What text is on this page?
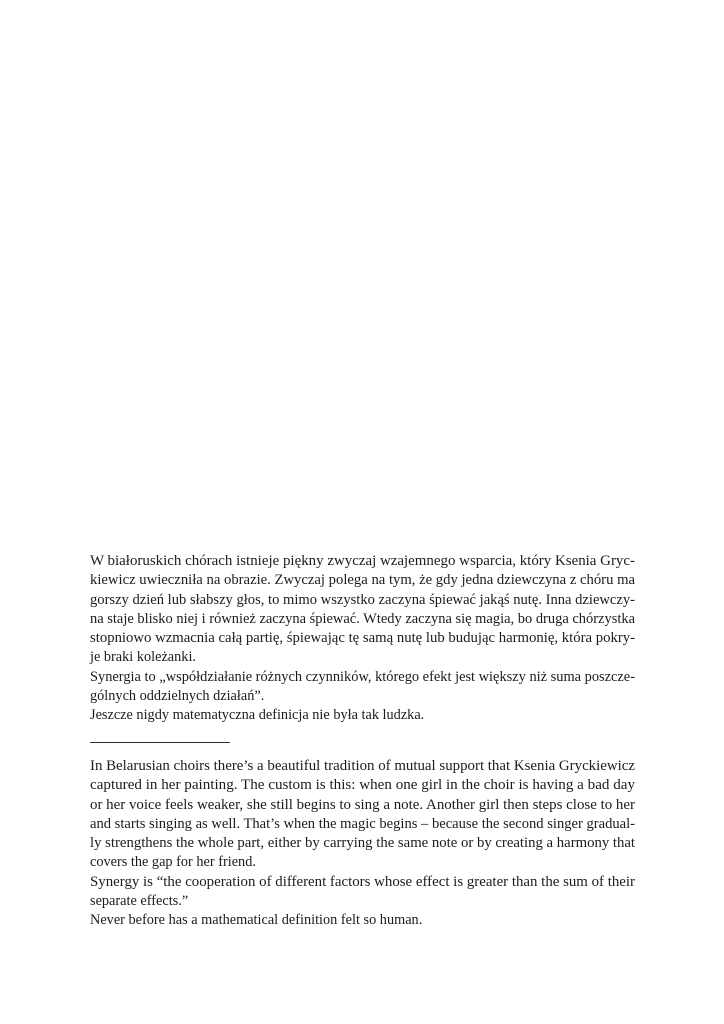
W białoruskich chórach istnieje piękny zwyczaj wzajemnego wsparcia, który Ksenia Gryc-
kiewicz uwieczniła na obrazie. Zwyczaj polega na tym, że gdy jedna dziewczyna z chóru ma
gorszy dzień lub słabszy głos, to mimo wszystko zaczyna śpiewać jakąś nutę. Inna dziewczy-
na staje blisko niej i również zaczyna śpiewać. Wtedy zaczyna się magia, bo druga chórzystka
stopniowo wzmacnia całą partię, śpiewając tę samą nutę lub budując harmonię, która pokry-
je braki koleżanki.
Synergia to „współdziałanie różnych czynników, którego efekt jest większy niż suma poszcze-
gólnych oddzielnych działań”.
Jeszcze nigdy matematyczna definicja nie była tak ludzka.
In Belarusian choirs there’s a beautiful tradition of mutual support that Ksenia Gryckiewicz
captured in her painting. The custom is this: when one girl in the choir is having a bad day
or her voice feels weaker, she still begins to sing a note. Another girl then steps close to her
and starts singing as well. That’s when the magic begins – because the second singer gradual-
ly strengthens the whole part, either by carrying the same note or by creating a harmony that
covers the gap for her friend.
Synergy is “the cooperation of different factors whose effect is greater than the sum of their
separate effects.”
Never before has a mathematical definition felt so human.
